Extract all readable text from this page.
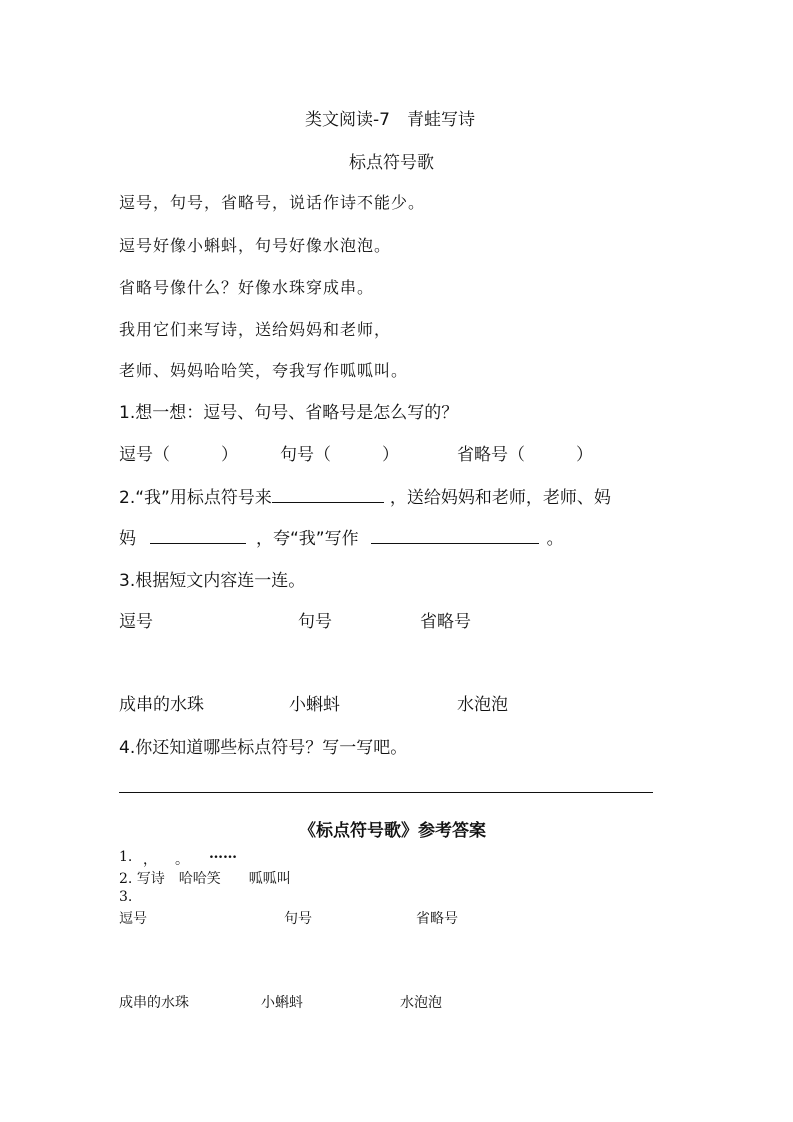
类文阅读-7　青蛙写诗
标点符号歌
逗号，句号，省略号，说话作诗不能少。
逗号好像小蝌蚪，句号好像水泡泡。
省略号像什么？好像水珠穿成串。
我用它们来写诗，送给妈妈和老师，
老师、妈妈哈哈笑，夸我写作呱呱叫。
1.想一想：逗号、句号、省略号是怎么写的？
逗号（　　　） 句号（　　　）	省略号（　　　）
2.“我”用标点符号来	，送给妈妈和老师，老师、妈
妈	，夸“我”写作	。
3.根据短文内容连一连。
逗号	句号	省略号
成串的水珠	小蝌蚪	水泡泡
4.你还知道哪些标点符号？写一写吧。
《标点符号歌》参考答案
1. ， 。 ……
2. 写诗　哈哈笑　　呱呱叫
3.
逗号	句号	省略号
成串的水珠	小蝌蚪	水泡泡
